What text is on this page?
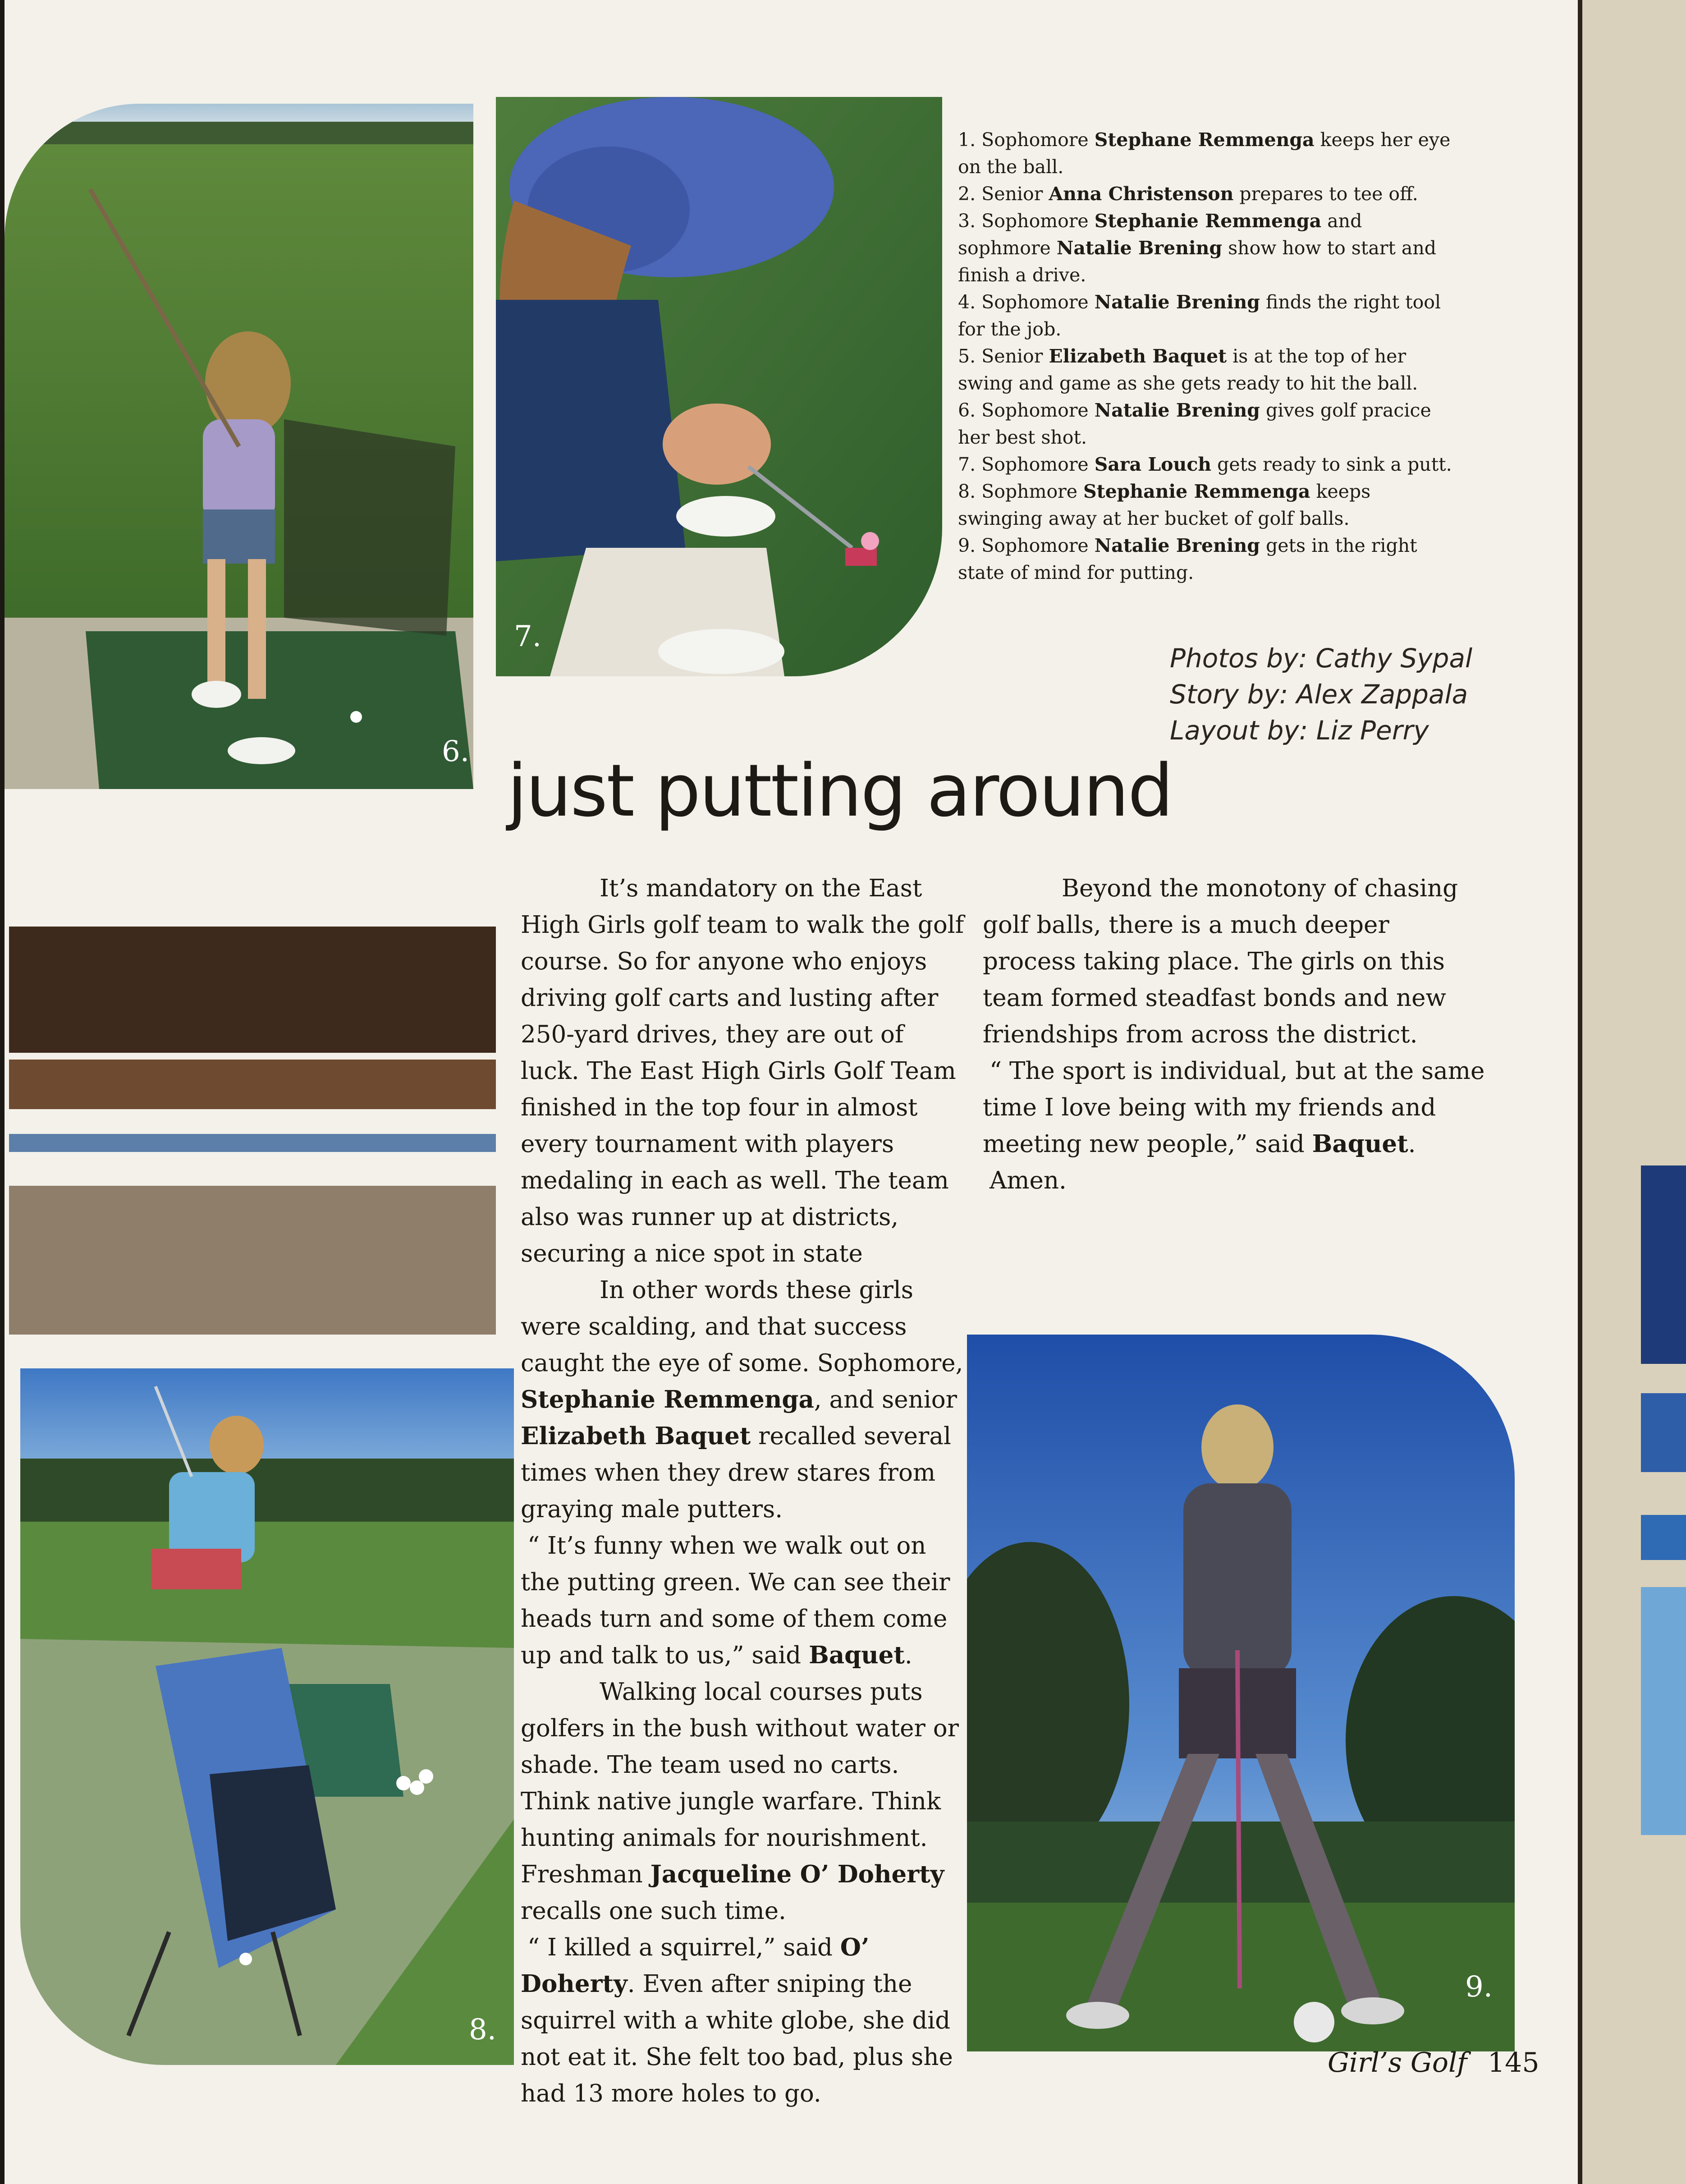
6.
7.

1. Sophomore Stephane Remmenga keeps her eye on the ball.

2. Senior Anna Christenson prepares to tee off.

3. Sophomore Stephanie Remmenga and sophmore Natalie Brening show how to start and finish a drive.

4. Sophomore Natalie Brening finds the right tool for the job.

5. Senior Elizabeth Baquet is at the top of her swing and game as she gets ready to hit the ball.

6. Sophomore Natalie Brening gives golf pracice her best shot.

7. Sophomore Sara Louch gets ready to sink a putt.

8. Sophmore Stephanie Remmenga keeps swinging away at her bucket of golf balls.

9. Sophomore Natalie Brening gets in the right state of mind for putting.

Photos by: Cathy Sypal
Story by: Alex Zappala
Layout by: Liz Perry
just putting around
8.
9.

It’s mandatory on the East High Girls golf team to walk the golf course. So for anyone who enjoys driving golf carts and lusting after 250-yard drives, they are out of luck. The East High Girls Golf Team finished in the top four in almost every tournament with players medaling in each as well. The team also was runner up at districts, securing a nice spot in state

In other words these girls were scalding, and that success caught the eye of some. Sophomore, Stephanie Remmenga, and senior Elizabeth Baquet recalled several times when they drew stares from graying male putters.

“ It’s funny when we walk out on the putting green. We can see their heads turn and some of them come up and talk to us,” said Baquet.

Walking local courses puts golfers in the bush without water or shade. The team used no carts. Think native jungle warfare. Think hunting animals for nourishment. Freshman Jacqueline O’ Doherty recalls one such time.

“ I killed a squirrel,” said O’ Doherty. Even after sniping the squirrel with a white globe, she did not eat it. She felt too bad, plus she had 13 more holes to go.

Beyond the monotony of chasing golf balls, there is a much deeper process taking place. The girls on this team formed steadfast bonds and new friendships from across the district.

“ The sport is individual, but at the same time I love being with my friends and meeting new people,” said Baquet.

Amen.

Girl’s Golf 145
